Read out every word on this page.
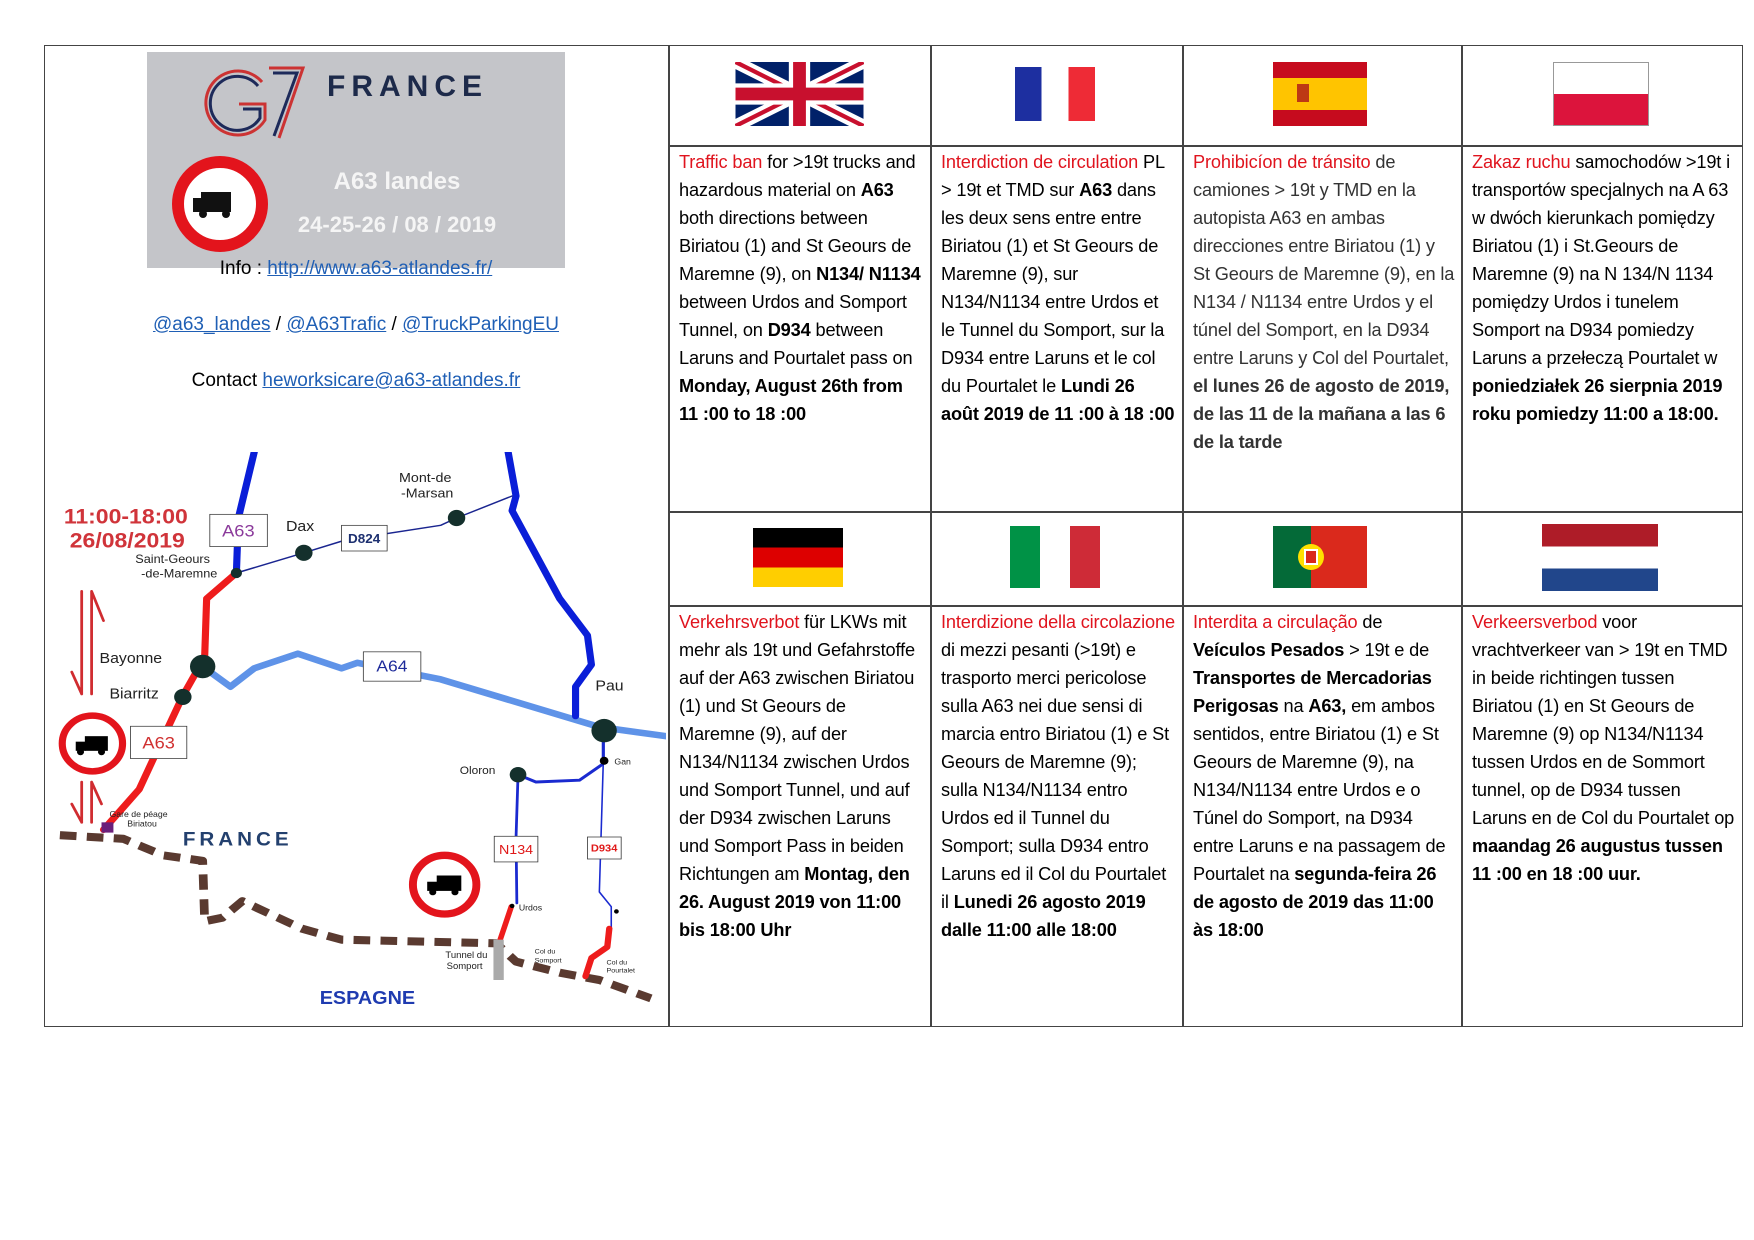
FRANCE
A63 landes
24-25-26 / 08 / 2019
Info : http://www.a63-atlandes.fr/
@a63_landes / @A63Trafic / @TruckParkingEU
Contact heworksicare@a63-atlandes.fr
A63	D824
A64
A63
N134 D934
11:00-18:00
26/08/2019
Dax
Mont-de
-Marsan
Saint-Geours
-de-Maremne
Bayonne
Biarritz	Pau
Oloron
Gan
Urdos
Gare de péage
Biriatou
Tunnel du
Somport
Col du
Somport Col du
Pourtalet
FRANCE
ESPAGNE
Traffic ban for >19t trucks and hazardous material on A63 both directions between Biriatou (1) and St Geours de Maremne (9), on N134/ N1134 between Urdos and Somport Tunnel, on D934 between Laruns and Pourtalet pass on Monday, August 26th from 11 :00 to 18 :00
Interdiction de circulation PL > 19t et TMD sur A63 dans les deux sens entre entre Biriatou (1) et St Geours de Maremne (9), sur N134/N1134 entre Urdos et le Tunnel du Somport, sur la D934 entre Laruns et le col du Pourtalet le Lundi 26 août 2019 de 11 :00 à 18 :00
Prohibicíon de tránsito de camiones > 19t y TMD en la autopista A63 en ambas direcciones entre Biriatou (1) y St Geours de Maremne (9), en la N134 / N1134 entre Urdos y el túnel del Somport, en la D934 entre Laruns y Col del Pourtalet, el lunes 26 de agosto de 2019, de las 11 de la mañana a las 6 de la tarde
Zakaz ruchu samochodów >19t i transportów specjalnych na A 63 w dwóch kierunkach pomiędzy Biriatou (1) i St.Geours de Maremne (9) na N 134/N 1134 pomiędzy Urdos i tunelem Somport na D934 pomiedzy Laruns a przełeczą Pourtalet w poniedziałek 26 sierpnia 2019 roku pomiedzy 11:00 a 18:00.
Verkehrsverbot für LKWs mit mehr als 19t und Gefahrstoffe auf der A63 zwischen Biriatou (1) und St Geours de Maremne (9), auf der N134/N1134 zwischen Urdos und Somport Tunnel, und auf der D934 zwischen Laruns und Somport Pass in beiden Richtungen am Montag, den 26. August 2019 von 11:00 bis 18:00 Uhr
Interdizione della circolazione di mezzi pesanti (>19t) e trasporto merci pericolose sulla A63 nei due sensi di marcia entro Biriatou (1) e St Geours de Maremne (9); sulla N134/N1134 entro Urdos ed il Tunnel du Somport; sulla D934 entro Laruns ed il Col du Pourtalet il Lunedi 26 agosto 2019 dalle 11:00 alle 18:00
Interdita a circulação de Veículos Pesados > 19t e de Transportes de Mercadorias Perigosas na A63, em ambos sentidos, entre Biriatou (1) e St Geours de Maremne (9), na N134/N1134 entre Urdos e o Túnel do Somport, na D934 entre Laruns e na passagem de Pourtalet na segunda-feira 26 de agosto de 2019 das 11:00 às 18:00
Verkeersverbod voor vrachtverkeer van > 19t en TMD in beide richtingen tussen Biriatou (1) en St Geours de Maremne (9) op N134/N1134 tussen Urdos en de Sommort tunnel, op de D934 tussen Laruns en de Col du Pourtalet op maandag 26 augustus tussen 11 :00 en 18 :00 uur.
